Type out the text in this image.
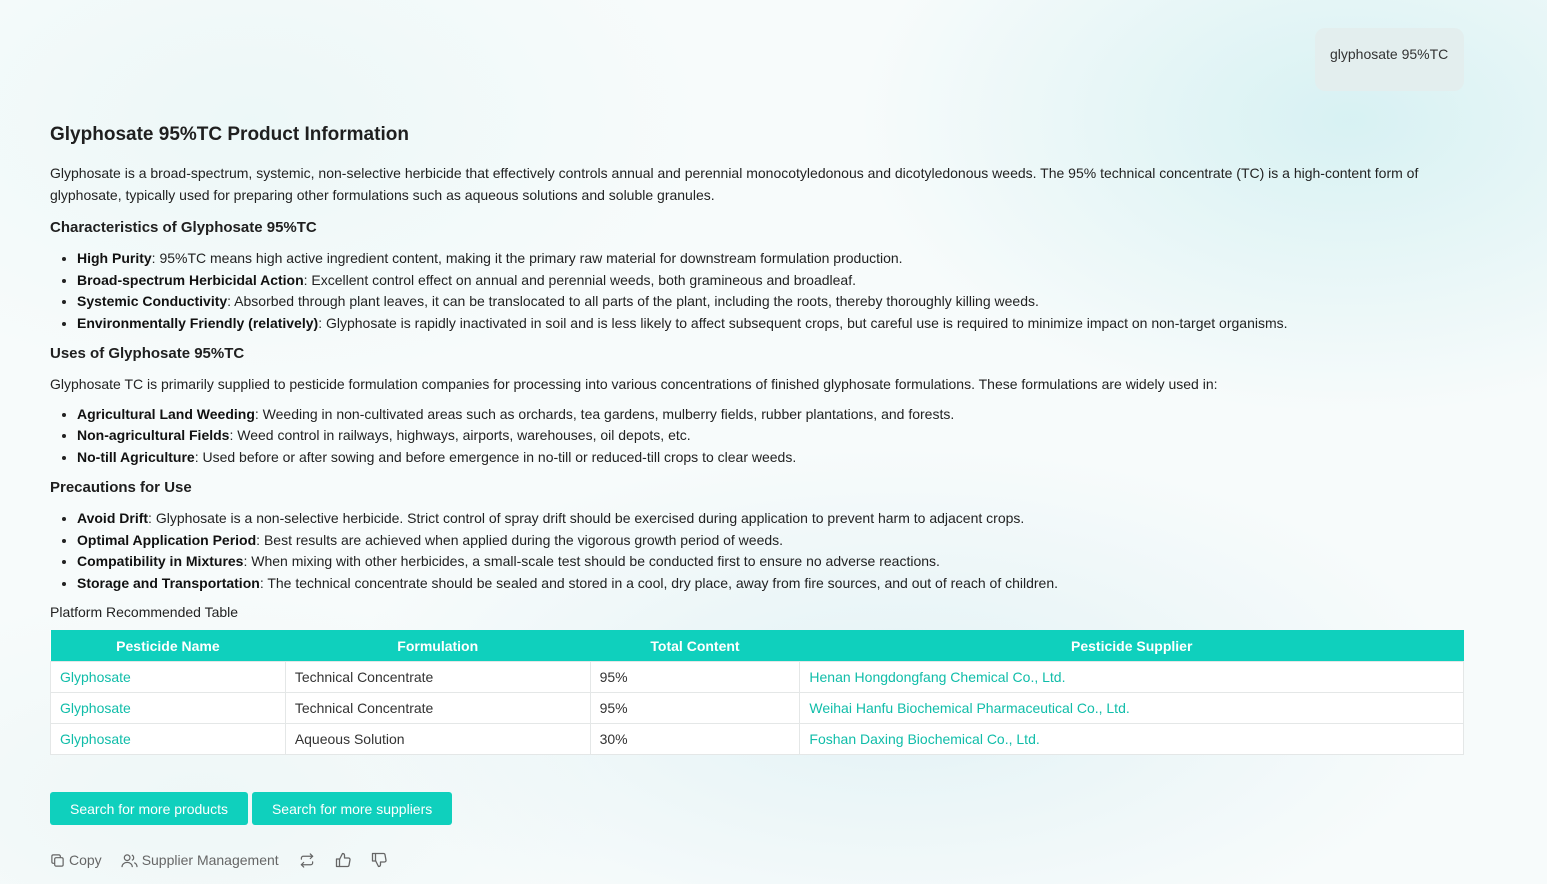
glyphosate 95%TC
Glyphosate 95%TC Product Information

Glyphosate is a broad-spectrum, systemic, non-selective herbicide that effectively controls annual and perennial monocotyledonous and dicotyledonous weeds. The 95% technical concentrate (TC) is a high-content form of glyphosate, typically used for preparing other formulations such as aqueous solutions and soluble granules.

Characteristics of Glyphosate 95%TC
• High Purity: 95%TC means high active ingredient content, making it the primary raw material for downstream formulation production.
• Broad-spectrum Herbicidal Action: Excellent control effect on annual and perennial weeds, both gramineous and broadleaf.
• Systemic Conductivity: Absorbed through plant leaves, it can be translocated to all parts of the plant, including the roots, thereby thoroughly killing weeds.
• Environmentally Friendly (relatively): Glyphosate is rapidly inactivated in soil and is less likely to affect subsequent crops, but careful use is required to minimize impact on non-target organisms.
Uses of Glyphosate 95%TC

Glyphosate TC is primarily supplied to pesticide formulation companies for processing into various concentrations of finished glyphosate formulations. These formulations are widely used in:

• Agricultural Land Weeding: Weeding in non-cultivated areas such as orchards, tea gardens, mulberry fields, rubber plantations, and forests.
• Non-agricultural Fields: Weed control in railways, highways, airports, warehouses, oil depots, etc.
• No-till Agriculture: Used before or after sowing and before emergence in no-till or reduced-till crops to clear weeds.
Precautions for Use
• Avoid Drift: Glyphosate is a non-selective herbicide. Strict control of spray drift should be exercised during application to prevent harm to adjacent crops.
• Optimal Application Period: Best results are achieved when applied during the vigorous growth period of weeds.
• Compatibility in Mixtures: When mixing with other herbicides, a small-scale test should be conducted first to ensure no adverse reactions.
• Storage and Transportation: The technical concentrate should be sealed and stored in a cool, dry place, away from fire sources, and out of reach of children.
Platform Recommended Table
Pesticide Name	Formulation	Total Content	Pesticide Supplier
Glyphosate	Technical Concentrate	95%	Henan Hongdongfang Chemical Co., Ltd.
Glyphosate	Technical Concentrate	95%	Weihai Hanfu Biochemical Pharmaceutical Co., Ltd.
Glyphosate	Aqueous Solution	30%	Foshan Daxing Biochemical Co., Ltd.
Search for more products	Search for more suppliers
Copy	Supplier Management
